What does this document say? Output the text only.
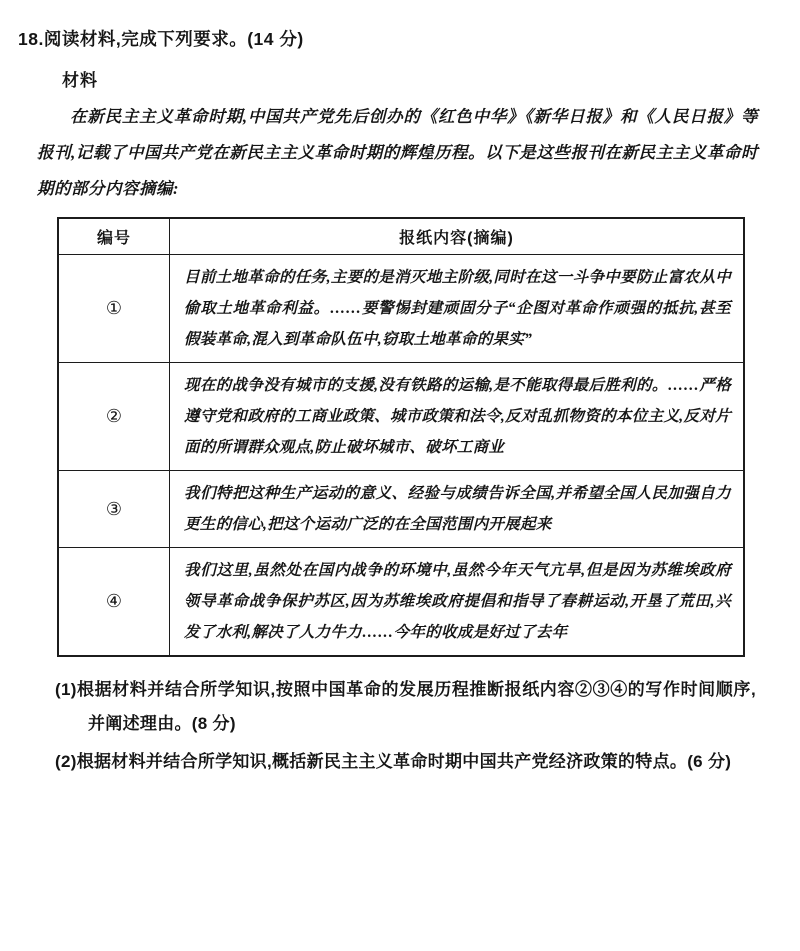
18.阅读材料,完成下列要求。(14 分)
材料

在新民主主义革命时期,中国共产党先后创办的《红色中华》《新华日报》和《人民日报》等报刊,记载了中国共产党在新民主主义革命时期的辉煌历程。以下是这些报刊在新民主主义革命时期的部分内容摘编:

编号	报纸内容(摘编)
①	目前土地革命的任务,主要的是消灭地主阶级,同时在这一斗争中要防止富农从中偷取土地革命利益。……要警惕封建顽固分子“企图对革命作顽强的抵抗,甚至假装革命,混入到革命队伍中,窃取土地革命的果实”
②	现在的战争没有城市的支援,没有铁路的运输,是不能取得最后胜利的。……严格遵守党和政府的工商业政策、城市政策和法令,反对乱抓物资的本位主义,反对片面的所谓群众观点,防止破坏城市、破坏工商业
③	我们特把这种生产运动的意义、经验与成绩告诉全国,并希望全国人民加强自力更生的信心,把这个运动广泛的在全国范围内开展起来
④	我们这里,虽然处在国内战争的环境中,虽然今年天气亢旱,但是因为苏维埃政府领导革命战争保护苏区,因为苏维埃政府提倡和指导了春耕运动,开垦了荒田,兴发了水利,解决了人力牛力……今年的收成是好过了去年

(1)根据材料并结合所学知识,按照中国革命的发展历程推断报纸内容②③④的写作时间顺序,并阐述理由。(8 分)

(2)根据材料并结合所学知识,概括新民主主义革命时期中国共产党经济政策的特点。(6 分)
